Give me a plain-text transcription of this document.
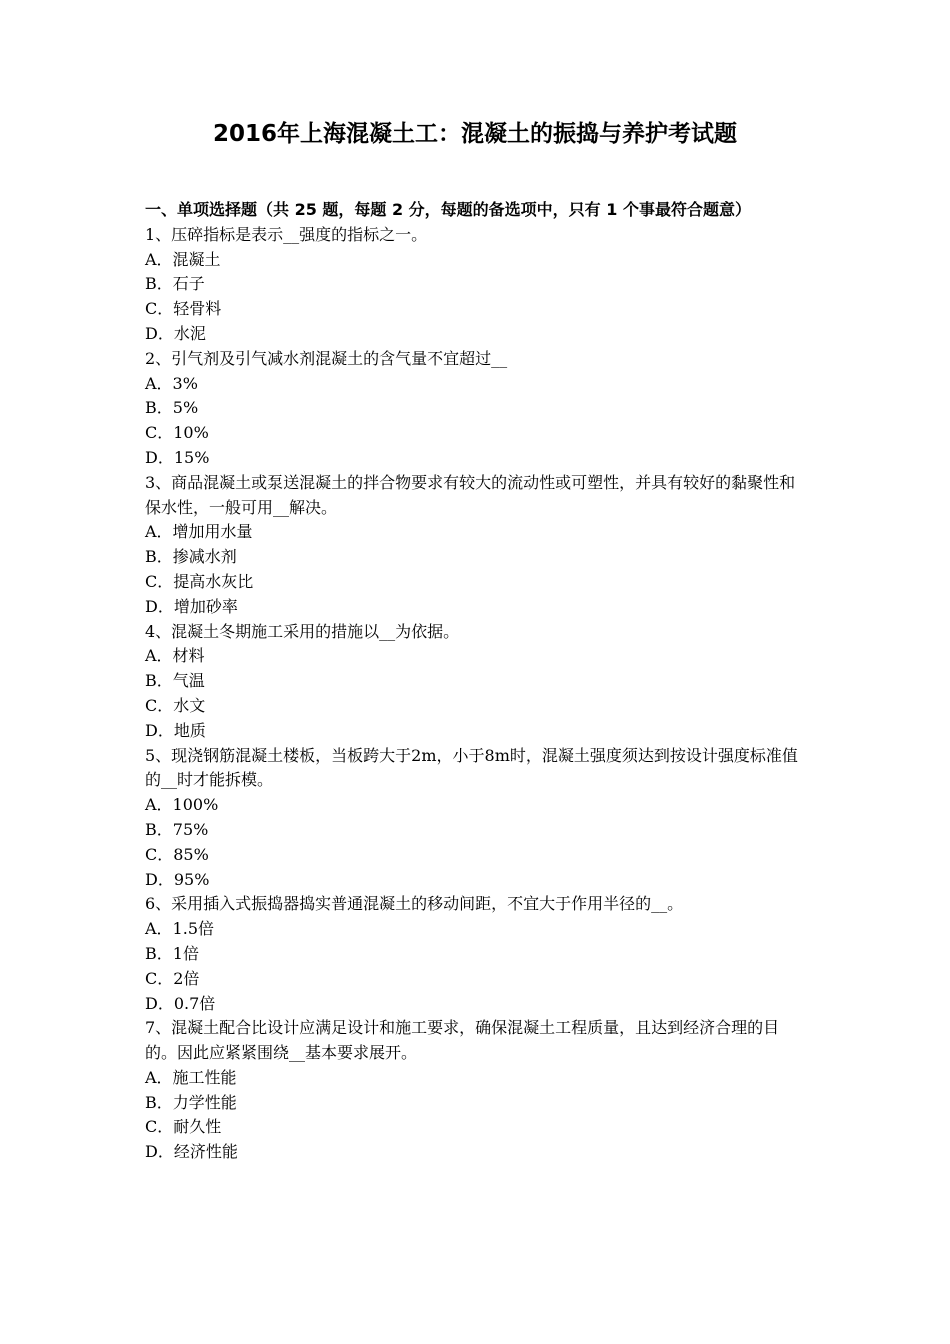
2016年上海混凝土工：混凝土的振捣与养护考试题

一、单项选择题（共 25 题，每题 2 分，每题的备选项中，只有 1 个事最符合题意）

1、压碎指标是表示__强度的指标之一。

A．混凝土

B．石子

C．轻骨料

D．水泥

2、引气剂及引气减水剂混凝土的含气量不宜超过__

A．3%

B．5%

C．10%

D．15%

3、商品混凝土或泵送混凝土的拌合物要求有较大的流动性或可塑性，并具有较好的黏聚性和保水性，一般可用__解决。

A．增加用水量

B．掺减水剂

C．提高水灰比

D．增加砂率

4、混凝土冬期施工采用的措施以__为依据。

A．材料

B．气温

C．水文

D．地质

5、现浇钢筋混凝土楼板，当板跨大于2m，小于8m时，混凝土强度须达到按设计强度标准值的__时才能拆模。

A．100%

B．75%

C．85%

D．95%

6、采用插入式振捣器捣实普通混凝土的移动间距，不宜大于作用半径的__。

A．1.5倍

B．1倍

C．2倍

D．0.7倍

7、混凝土配合比设计应满足设计和施工要求，确保混凝土工程质量，且达到经济合理的目的。因此应紧紧围绕__基本要求展开。

A．施工性能

B．力学性能

C．耐久性

D．经济性能
